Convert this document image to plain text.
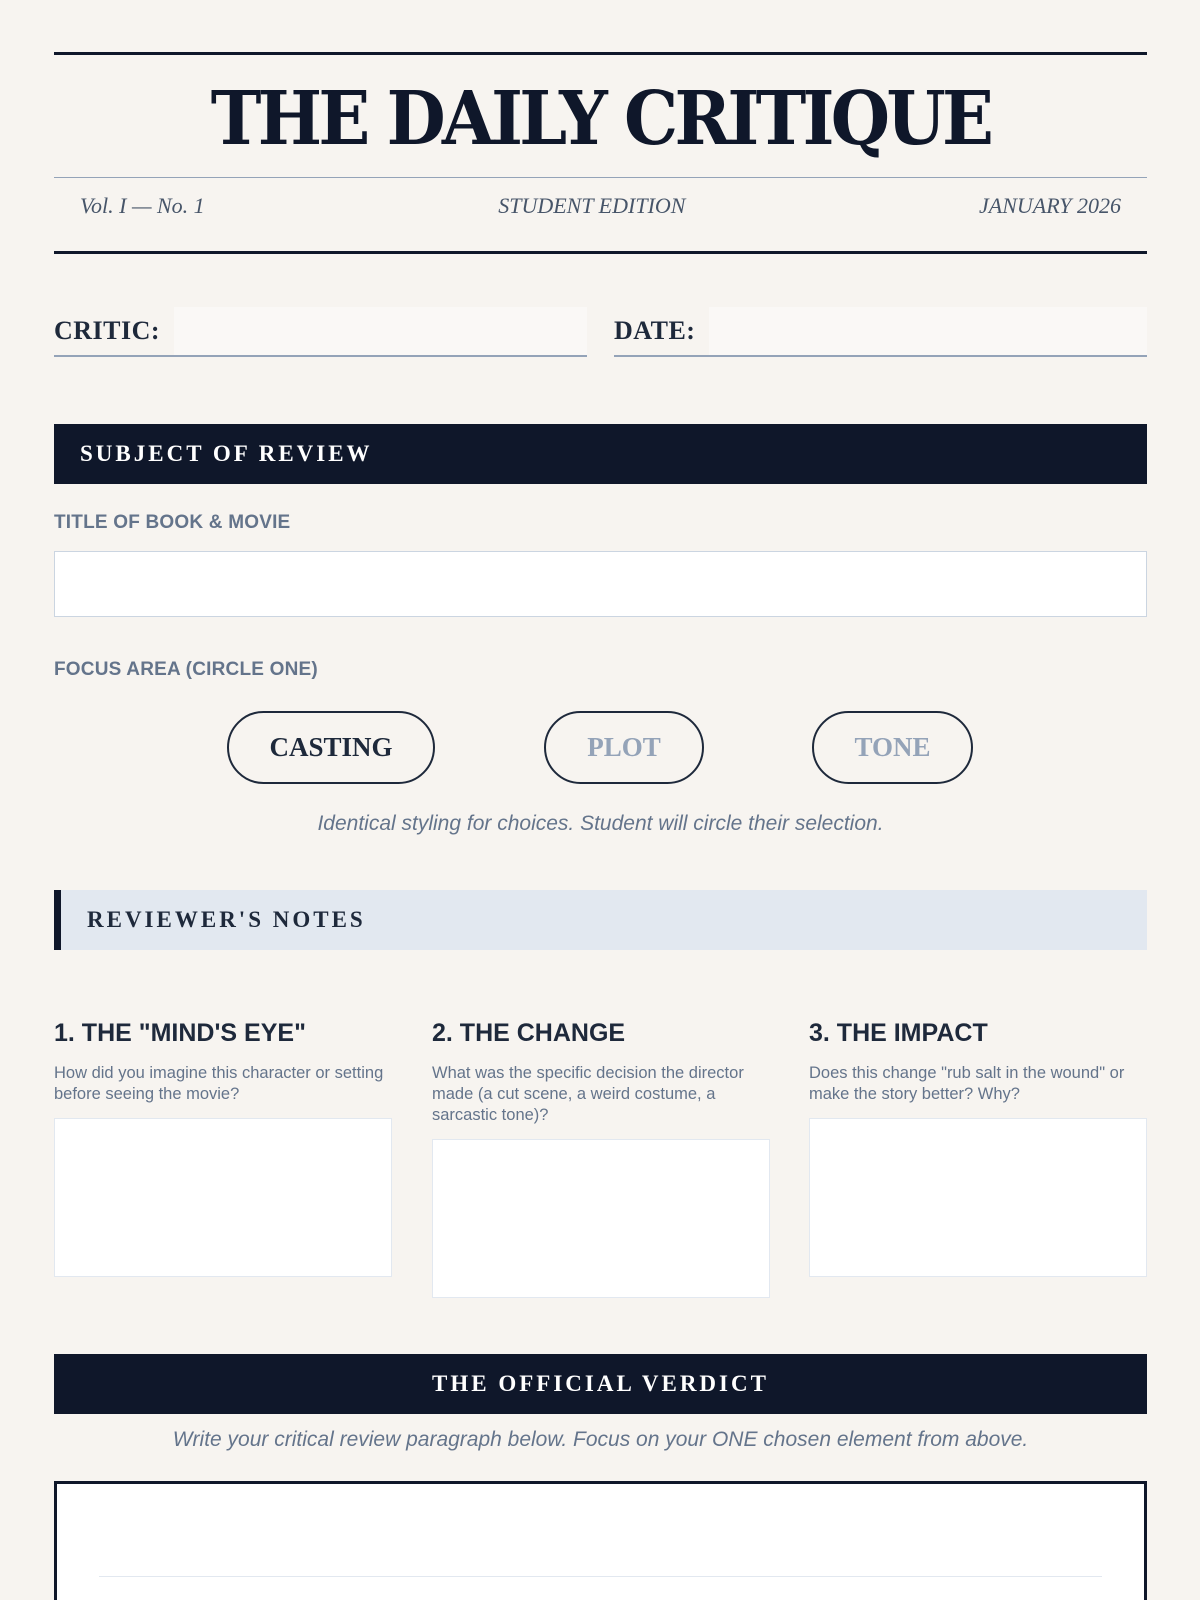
THE DAILY CRITIQUE
Vol. I — No. 1	STUDENT EDITION	JANUARY 2026
CRITIC:	DATE:
SUBJECT OF REVIEW
TITLE OF BOOK & MOVIE
FOCUS AREA (CIRCLE ONE)
CASTING	PLOT	TONE
Identical styling for choices. Student will circle their selection.
REVIEWER'S NOTES
1. THE "MIND'S EYE"

How did you imagine this character or setting before seeing the movie?

2. THE CHANGE

What was the specific decision the director made (a cut scene, a weird costume, a sarcastic tone)?

3. THE IMPACT

Does this change "rub salt in the wound" or make the story better? Why?

THE OFFICIAL VERDICT
Write your critical review paragraph below. Focus on your ONE chosen element from above.
